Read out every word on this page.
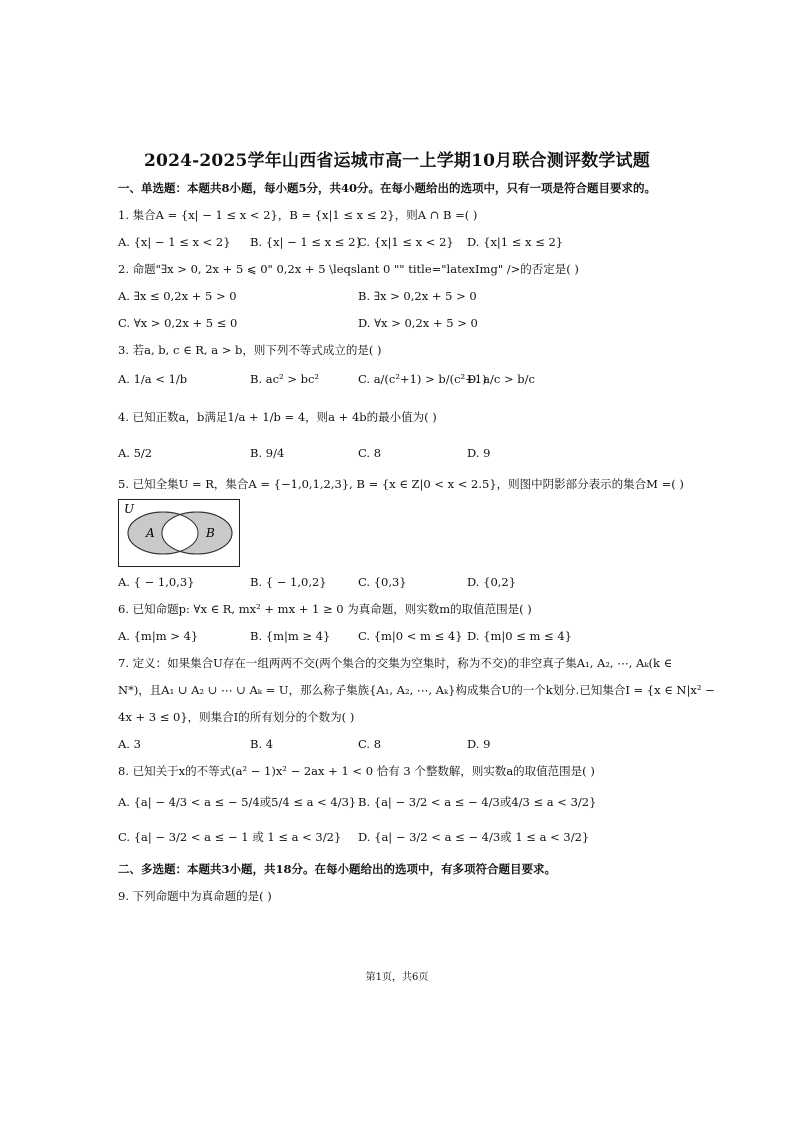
2024-2025学年山西省运城市高一上学期10月联合测评数学试题
一、单选题：本题共8小题，每小题5分，共40分。在每小题给出的选项中，只有一项是符合题目要求的。
1. 集合A = {x| − 1 ≤ x < 2}，B = {x|1 ≤ x ≤ 2}，则A ∩ B =( )
A. {x| − 1 ≤ x < 2} B. {x| − 1 ≤ x ≤ 2}
C. {x|1 ≤ x < 2} D. {x|1 ≤ x ≤ 2}
2. 命题"∃x > 0, 2x + 5 ⩽ 0" 0,2x + 5 \leqslant 0 "" title="latexImg" />的否定是( )
A. ∃x ≤ 0,2x + 5 > 0	B. ∃x > 0,2x + 5 > 0
C. ∀x > 0,2x + 5 ≤ 0	D. ∀x > 0,2x + 5 > 0
3. 若a, b, c ∈ R, a > b，则下列不等式成立的是( )
A. 1/a < 1/b	B. ac² > bc²	C. a/(c²+1) > b/(c²+1)
D. a/c > b/c
4. 已知正数a，b满足1/a + 1/b = 4，则a + 4b的最小值为( )
A. 5/2	B. 9/4	C. 8	D. 9
5. 已知全集U = R，集合A = {−1,0,1,2,3}, B = {x ∈ Z|0 < x < 2.5}，则图中阴影部分表示的集合M =( )
U
A	B
A. { − 1,0,3}	B. { − 1,0,2}	C. {0,3}	D. {0,2}
6. 已知命题p: ∀x ∈ R, mx² + mx + 1 ≥ 0 为真命题，则实数m的取值范围是( )
A. {m|m > 4}	B. {m|m ≥ 4} C. {m|0 < m ≤ 4} D. {m|0 ≤ m ≤ 4}
7. 定义：如果集合U存在一组两两不交(两个集合的交集为空集时，称为不交)的非空真子集A₁, A₂, ⋯, Aₖ(k ∈
N*)，且A₁ ∪ A₂ ∪ ⋯ ∪ Aₖ = U，那么称子集族{A₁, A₂, ⋯, Aₖ}构成集合U的一个k划分.已知集合I = {x ∈ N|x² −
4x + 3 ≤ 0}，则集合I的所有划分的个数为( )
A. 3	B. 4	C. 8	D. 9
8. 已知关于x的不等式(a² − 1)x² − 2ax + 1 < 0 恰有 3 个整数解，则实数a的取值范围是( )
A. {a| − 4/3 < a ≤ − 5/4或5/4 ≤ a < 4/3} B. {a| − 3/2 < a ≤ − 4/3或4/3 ≤ a < 3/2}
C. {a| − 3/2 < a ≤ − 1 或 1 ≤ a < 3/2} D. {a| − 3/2 < a ≤ − 4/3或 1 ≤ a < 3/2}
二、多选题：本题共3小题，共18分。在每小题给出的选项中，有多项符合题目要求。
9. 下列命题中为真命题的是( )
第1页，共6页
